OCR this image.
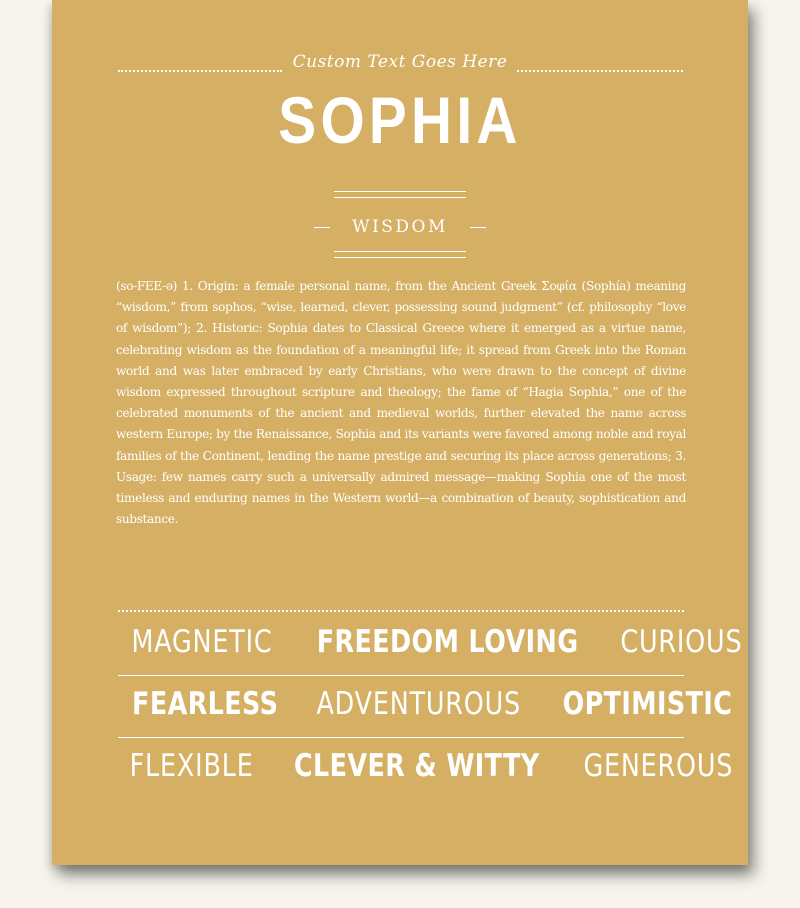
Custom Text Goes Here
SOPHIA
WISDOM
(so-FEE-ə) 1. Origin: a female personal name, from the Ancient Greek Σοφία (Sophía) meaning “wisdom,” from sophos, “wise, learned, clever, possessing sound judgment” (cf. philosophy “love of wisdom”); 2. Historic: Sophia dates to Classical Greece where it emerged as a virtue name, celebrating wisdom as the foundation of a meaningful life; it spread from Greek into the Roman world and was later embraced by early Christians, who were drawn to the concept of divine wisdom expressed throughout scripture and theology; the fame of “Hagia Sophia,” one of the celebrated monuments of the ancient and medieval worlds, further elevated the name across western Europe; by the Renaissance, Sophia and its variants were favored among noble and royal families of the Continent, lending the name prestige and securing its place across generations; 3. Usage: few names carry such a universally admired message—making Sophia one of the most timeless and enduring names in the Western world—a combination of beauty, sophistication and substance.
MAGNETIC FREEDOM LOVING CURIOUS
FEARLESS ADVENTUROUS OPTIMISTIC
FLEXIBLE CLEVER & WITTY GENEROUS
